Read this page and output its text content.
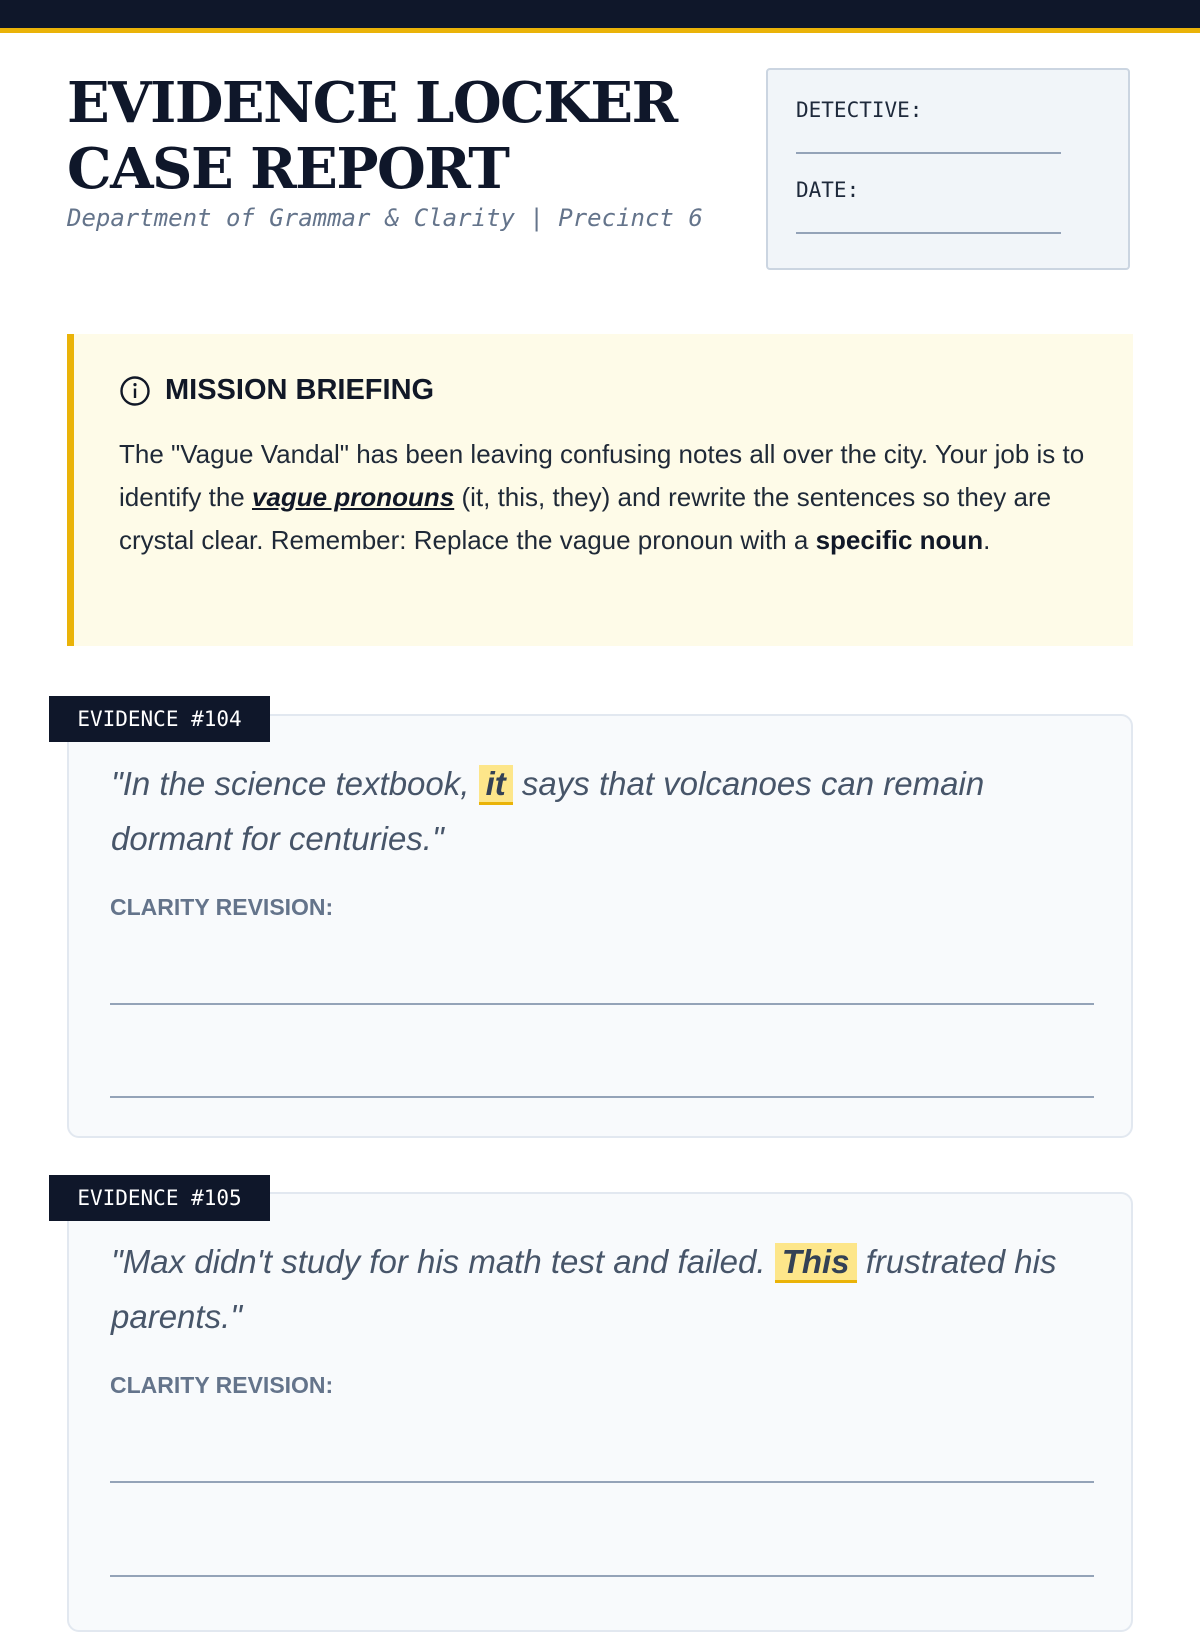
EVIDENCE LOCKER
CASE REPORT

Department of Grammar & Clarity | Precinct 6

DETECTIVE:
DATE:
MISSION BRIEFING

The "Vague Vandal" has been leaving confusing notes all over the city. Your job is to identify the vague pronouns (it, this, they) and rewrite the sentences so they are crystal clear. Remember: Replace the vague pronoun with a specific noun.

EVIDENCE #104

"In the science textbook, it says that volcanoes can remain dormant for centuries."

CLARITY REVISION:
EVIDENCE #105

"Max didn't study for his math test and failed. This frustrated his parents."

CLARITY REVISION:
